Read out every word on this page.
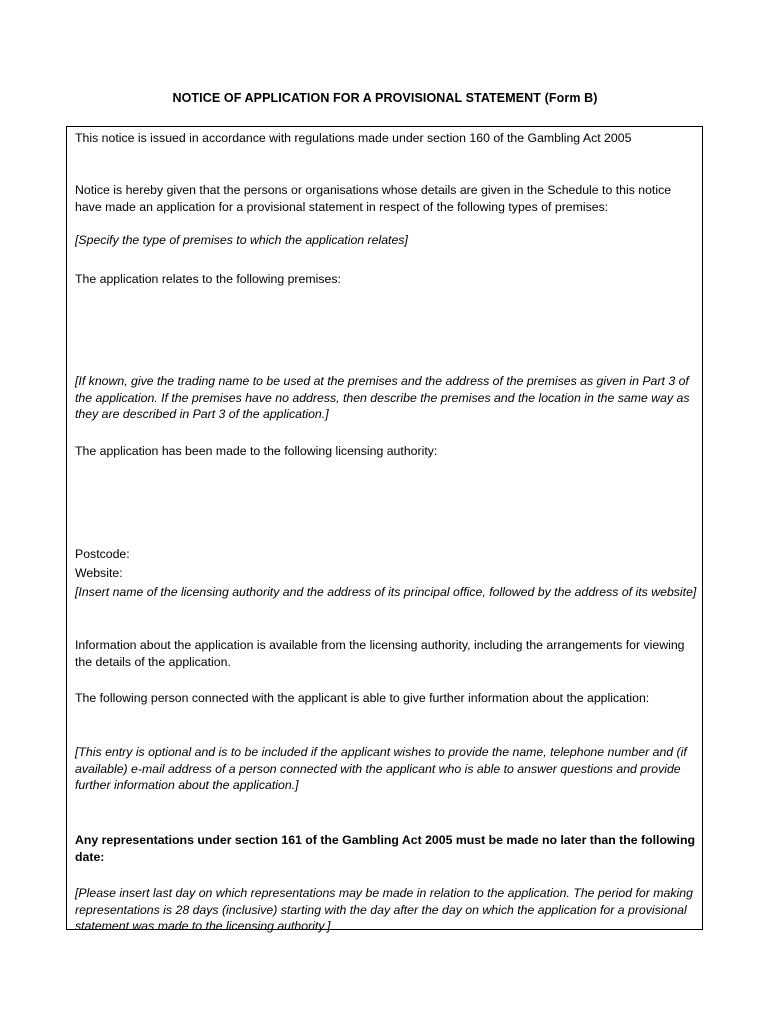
NOTICE OF APPLICATION FOR A PROVISIONAL STATEMENT (Form B)

This notice is issued in accordance with regulations made under section 160 of the Gambling Act 2005

Notice is hereby given that the persons or organisations whose details are given in the Schedule to this notice have made an application for a provisional statement in respect of the following types of premises:

[Specify the type of premises to which the application relates]

The application relates to the following premises:

[If known, give the trading name to be used at the premises and the address of the premises as given in Part 3 of the application. If the premises have no address, then describe the premises and the location in the same way as they are described in Part 3 of the application.]

The application has been made to the following licensing authority:

Postcode:

Website:

[Insert name of the licensing authority and the address of its principal office, followed by the address of its website]

Information about the application is available from the licensing authority, including the arrangements for viewing the details of the application.

The following person connected with the applicant is able to give further information about the application:

[This entry is optional and is to be included if the applicant wishes to provide the name, telephone number and (if available) e-mail address of a person connected with the applicant who is able to answer questions and provide further information about the application.]

Any representations under section 161 of the Gambling Act 2005 must be made no later than the following date:

[Please insert last day on which representations may be made in relation to the application. The period for making representations is 28 days (inclusive) starting with the day after the day on which the application for a provisional statement was made to the licensing authority.]
